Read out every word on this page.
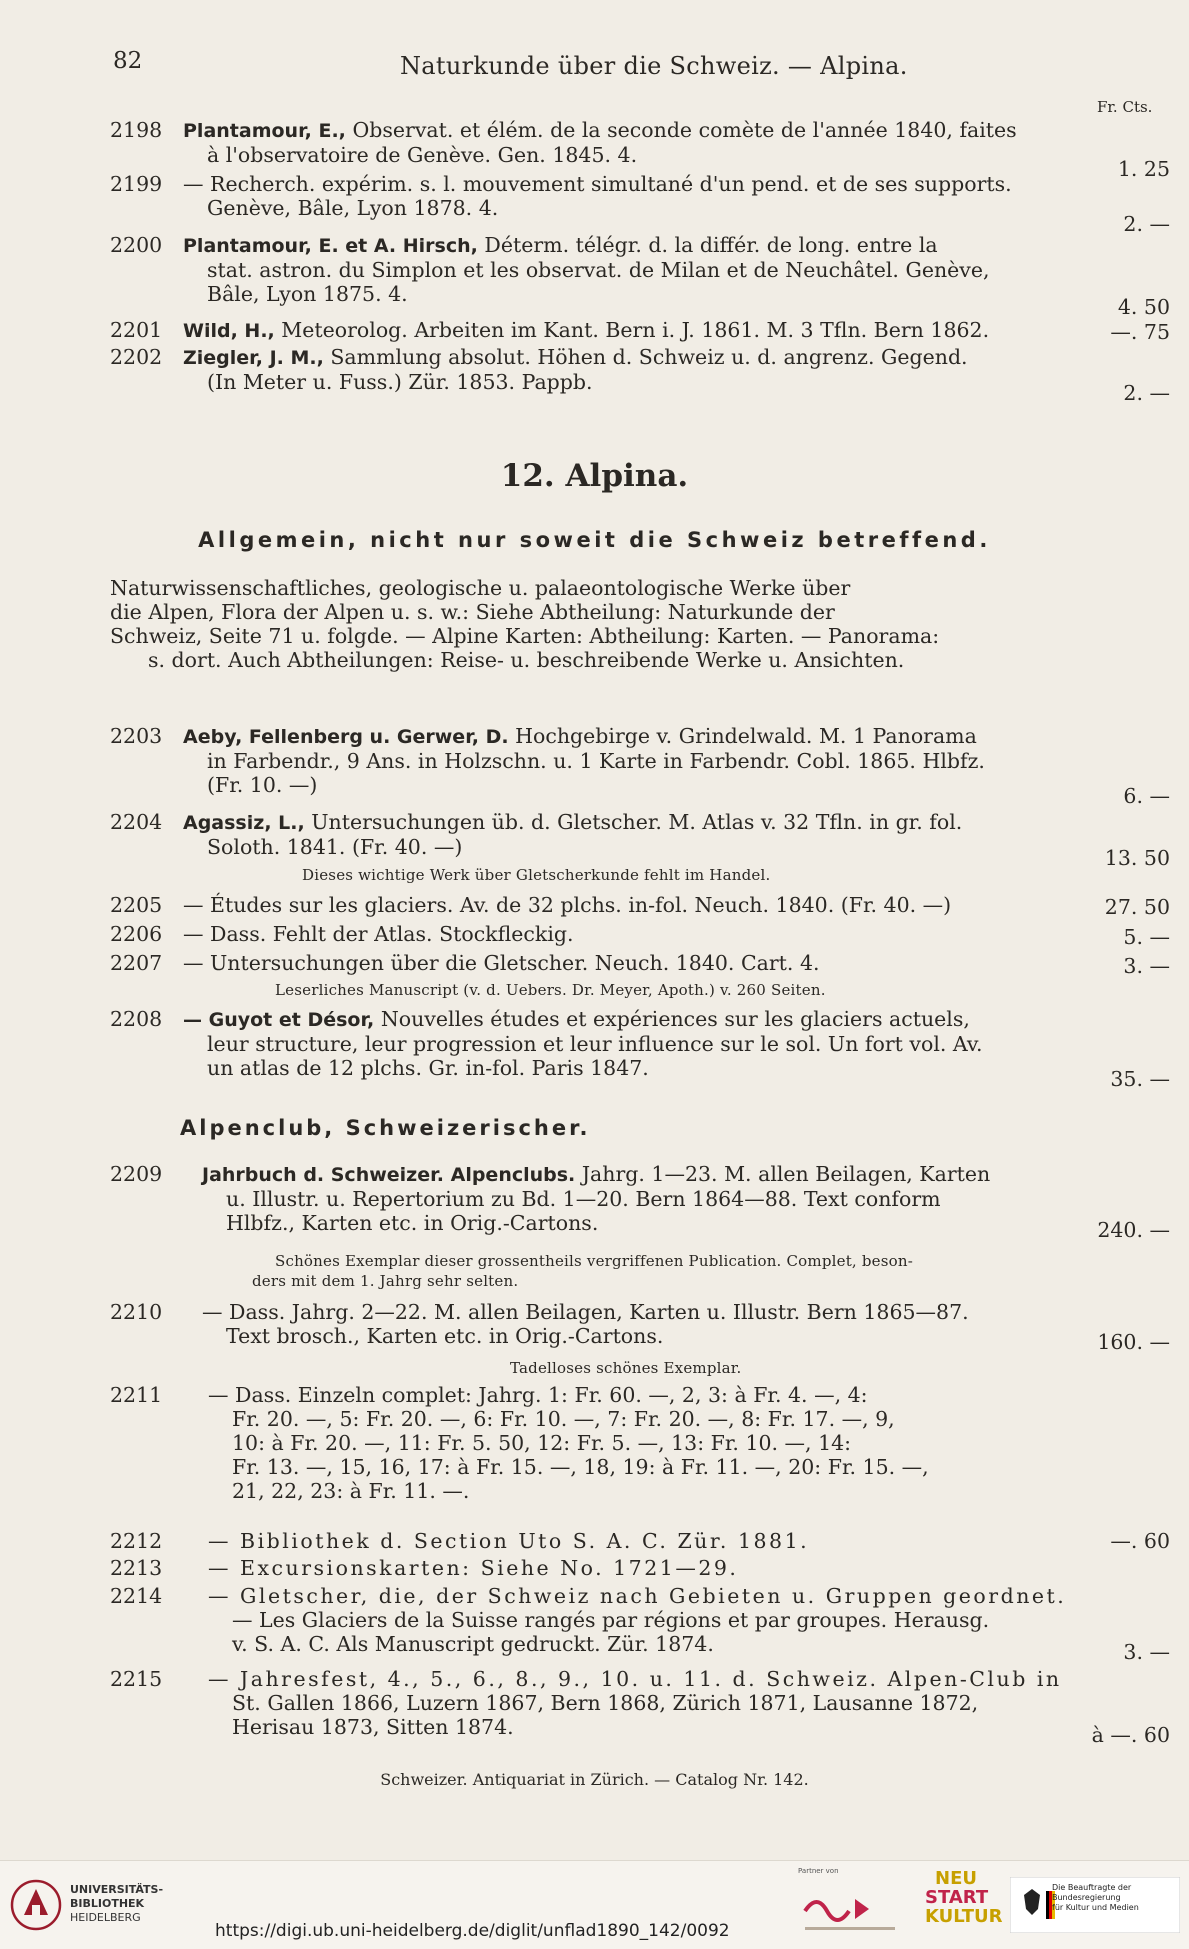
82	Naturkunde über die Schweiz. — Alpina.
Fr. Cts.
2198	Plantamour, E., Observat. et élém. de la seconde comète de l'année 1840, faites
à l'observatoire de Genève. Gen. 1845. 4.
1. 25
2199	— Recherch. expérim. s. l. mouvement simultané d'un pend. et de ses supports.
Genève, Bâle, Lyon 1878. 4.
2. —
2200	Plantamour, E. et A. Hirsch, Déterm. télégr. d. la différ. de long. entre la
stat. astron. du Simplon et les observat. de Milan et de Neuchâtel. Genève,
Bâle, Lyon 1875. 4.
4. 50
2201	Wild, H., Meteorolog. Arbeiten im Kant. Bern i. J. 1861. M. 3 Tfln. Bern 1862.	—. 75
2202	Ziegler, J. M., Sammlung absolut. Höhen d. Schweiz u. d. angrenz. Gegend.
(In Meter u. Fuss.) Zür. 1853. Pappb.	2. —
12. Alpina.
Allgemein, nicht nur soweit die Schweiz betreffend.
Naturwissenschaftliches, geologische u. palaeontologische Werke über
die Alpen, Flora der Alpen u. s. w.: Siehe Abtheilung: Naturkunde der
Schweiz, Seite 71 u. folgde. — Alpine Karten: Abtheilung: Karten. — Panorama:
s. dort. Auch Abtheilungen: Reise- u. beschreibende Werke u. Ansichten.
2203	Aeby, Fellenberg u. Gerwer, D. Hochgebirge v. Grindelwald. M. 1 Panorama
in Farbendr., 9 Ans. in Holzschn. u. 1 Karte in Farbendr. Cobl. 1865. Hlbfz.
(Fr. 10. —)	6. —
2204	Agassiz, L., Untersuchungen üb. d. Gletscher. M. Atlas v. 32 Tfln. in gr. fol.
Soloth. 1841. (Fr. 40. —)	13. 50
Dieses wichtige Werk über Gletscherkunde fehlt im Handel.
2205	— Études sur les glaciers. Av. de 32 plchs. in-fol. Neuch. 1840. (Fr. 40. —)	27. 50
2206	— Dass. Fehlt der Atlas. Stockfleckig.	5. —
2207	— Untersuchungen über die Gletscher. Neuch. 1840. Cart. 4.	3. —
Leserliches Manuscript (v. d. Uebers. Dr. Meyer, Apoth.) v. 260 Seiten.
2208	— Guyot et Désor, Nouvelles études et expériences sur les glaciers actuels,
leur structure, leur progression et leur influence sur le sol. Un fort vol. Av.
un atlas de 12 plchs. Gr. in-fol. Paris 1847.	35. —
Alpenclub, Schweizerischer.
2209	Jahrbuch d. Schweizer. Alpenclubs. Jahrg. 1—23. M. allen Beilagen, Karten
u. Illustr. u. Repertorium zu Bd. 1—20. Bern 1864—88. Text conform
Hlbfz., Karten etc. in Orig.-Cartons.	240. —
Schönes Exemplar dieser grossentheils vergriffenen Publication. Complet, beson-
ders mit dem 1. Jahrg sehr selten.
2210	— Dass. Jahrg. 2—22. M. allen Beilagen, Karten u. Illustr. Bern 1865—87.
Text brosch., Karten etc. in Orig.-Cartons.	160. —
Tadelloses schönes Exemplar.
2211	— Dass. Einzeln complet: Jahrg. 1: Fr. 60. —, 2, 3: à Fr. 4. —, 4:
Fr. 20. —, 5: Fr. 20. —, 6: Fr. 10. —, 7: Fr. 20. —, 8: Fr. 17. —, 9,
10: à Fr. 20. —, 11: Fr. 5. 50, 12: Fr. 5. —, 13: Fr. 10. —, 14:
Fr. 13. —, 15, 16, 17: à Fr. 15. —, 18, 19: à Fr. 11. —, 20: Fr. 15. —,
21, 22, 23: à Fr. 11. —.
2212	— Bibliothek d. Section Uto S. A. C. Zür. 1881.	—. 60
2213	— Excursionskarten: Siehe No. 1721—29.
2214	— Gletscher, die, der Schweiz nach Gebieten u. Gruppen geordnet.
— Les Glaciers de la Suisse rangés par régions et par groupes. Herausg.
v. S. A. C. Als Manuscript gedruckt. Zür. 1874.	3. —
2215	— Jahresfest, 4., 5., 6., 8., 9., 10. u. 11. d. Schweiz. Alpen-Club in
St. Gallen 1866, Luzern 1867, Bern 1868, Zürich 1871, Lausanne 1872,
Herisau 1873, Sitten 1874.	à —. 60
Schweizer. Antiquariat in Zürich. — Catalog Nr. 142.
UNIVERSITÄTS-
BIBLIOTHEK
HEIDELBERG
https://digi.ub.uni-heidelberg.de/diglit/unflad1890_142/0092
Partner von	NEU
START
KULTUR
Die Beauftragte der Bundesregierung
für Kultur und Medien
